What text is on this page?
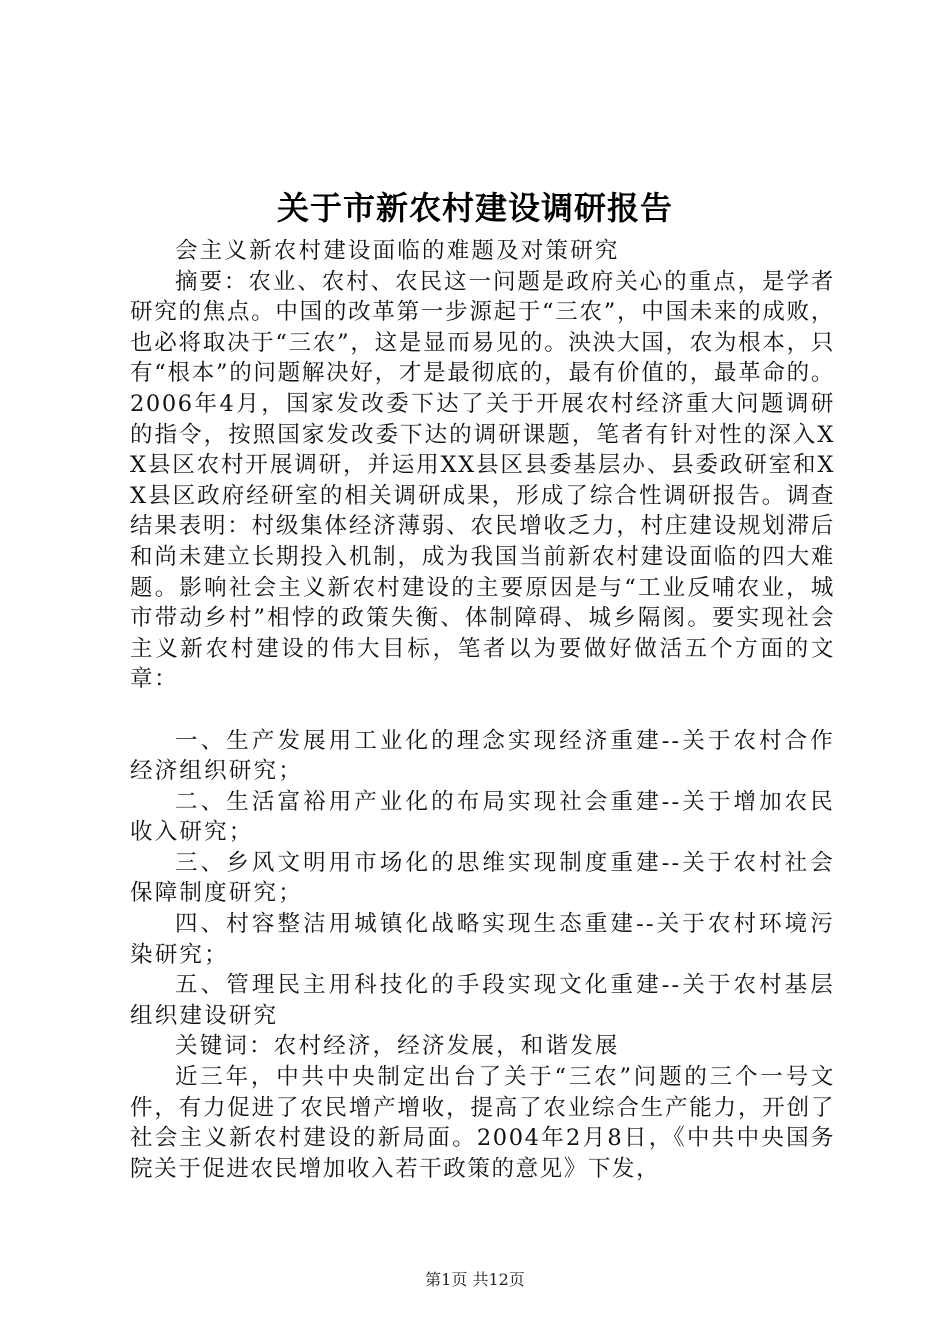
关于市新农村建设调研报告

会主义新农村建设面临的难题及对策研究

摘要：农业、农村、农民这一问题是政府关心的重点，是学者研究的焦点。中国的改革第一步源起于“三农”，中国未来的成败，也必将取决于“三农”，这是显而易见的。泱泱大国，农为根本，只有“根本”的问题解决好，才是最彻底的，最有价值的，最革命的。2006年4月，国家发改委下达了关于开展农村经济重大问题调研的指令，按照国家发改委下达的调研课题，笔者有针对性的深入XX县区农村开展调研，并运用XX县区县委基层办、县委政研室和XX县区政府经研室的相关调研成果，形成了综合性调研报告。调查结果表明：村级集体经济薄弱、农民增收乏力，村庄建设规划滞后和尚未建立长期投入机制，成为我国当前新农村建设面临的四大难题。影响社会主义新农村建设的主要原因是与“工业反哺农业，城市带动乡村”相悖的政策失衡、体制障碍、城乡隔阂。要实现社会主义新农村建设的伟大目标，笔者以为要做好做活五个方面的文章：

一、生产发展用工业化的理念实现经济重建--关于农村合作经济组织研究；

二、生活富裕用产业化的布局实现社会重建--关于增加农民收入研究；

三、乡风文明用市场化的思维实现制度重建--关于农村社会保障制度研究；

四、村容整洁用城镇化战略实现生态重建--关于农村环境污染研究；

五、管理民主用科技化的手段实现文化重建--关于农村基层组织建设研究

关键词：农村经济，经济发展，和谐发展

近三年，中共中央制定出台了关于“三农”问题的三个一号文件，有力促进了农民增产增收，提高了农业综合生产能力，开创了社会主义新农村建设的新局面。2004年2月8日，《中共中央国务院关于促进农民增加收入若干政策的意见》下发，

第1页 共12页
